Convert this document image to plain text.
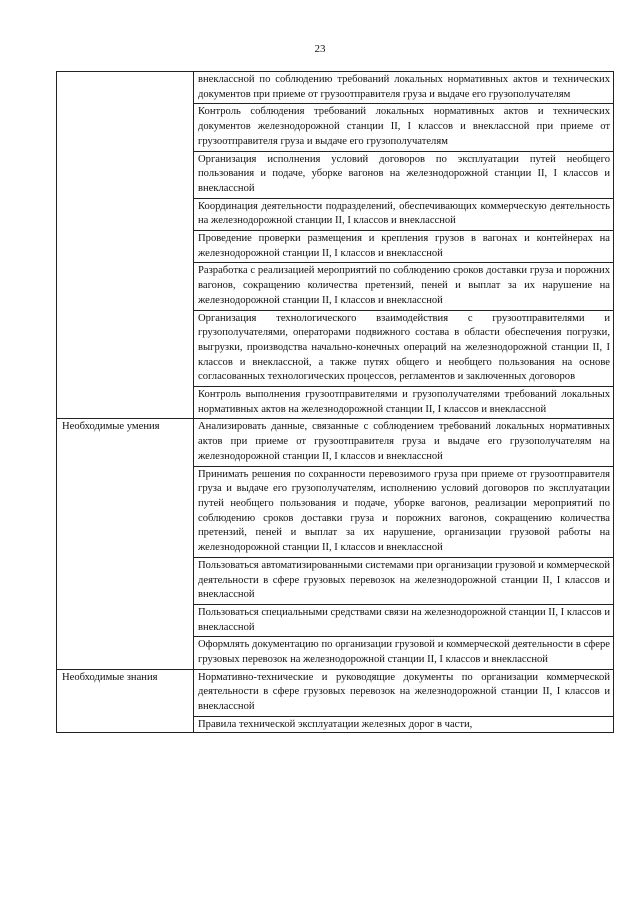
23
	внеклассной по соблюдению требований локальных нормативных актов и технических документов при приеме от грузоотправителя груза и выдаче его грузополучателям
	Контроль соблюдения требований локальных нормативных актов и технических документов железнодорожной станции II, I классов и внеклассной при приеме от грузоотправителя груза и выдаче его грузополучателям
	Организация исполнения условий договоров по эксплуатации путей необщего пользования и подаче, уборке вагонов на железнодорожной станции II, I классов и внеклассной
	Координация деятельности подразделений, обеспечивающих коммерческую деятельность на железнодорожной станции II, I классов и внеклассной
	Проведение проверки размещения и крепления грузов в вагонах и контейнерах на железнодорожной станции II, I классов и внеклассной
	Разработка с реализацией мероприятий по соблюдению сроков доставки груза и порожних вагонов, сокращению количества претензий, пеней и выплат за их нарушение на железнодорожной станции II, I классов и внеклассной
	Организация технологического взаимодействия с грузоотправителями и грузополучателями, операторами подвижного состава в области обеспечения погрузки, выгрузки, производства начально-конечных операций на железнодорожной станции II, I классов и внеклассной, а также путях общего и необщего пользования на основе согласованных технологических процессов, регламентов и заключенных договоров
	Контроль выполнения грузоотправителями и грузополучателями требований локальных нормативных актов на железнодорожной станции II, I классов и внеклассной
Необходимые умения	Анализировать данные, связанные с соблюдением требований локальных нормативных актов при приеме от грузоотправителя груза и выдаче его грузополучателям на железнодорожной станции II, I классов и внеклассной
	Принимать решения по сохранности перевозимого груза при приеме от грузоотправителя груза и выдаче его грузополучателям, исполнению условий договоров по эксплуатации путей необщего пользования и подаче, уборке вагонов, реализации мероприятий по соблюдению сроков доставки груза и порожних вагонов, сокращению количества претензий, пеней и выплат за их нарушение, организации грузовой работы на железнодорожной станции II, I классов и внеклассной
	Пользоваться автоматизированными системами при организации грузовой и коммерческой деятельности в сфере грузовых перевозок на железнодорожной станции II, I классов и внеклассной
	Пользоваться специальными средствами связи на железнодорожной станции II, I классов и внеклассной
	Оформлять документацию по организации грузовой и коммерческой деятельности в сфере грузовых перевозок на железнодорожной станции II, I классов и внеклассной
Необходимые знания	Нормативно-технические и руководящие документы по организации коммерческой деятельности в сфере грузовых перевозок на железнодорожной станции II, I классов и внеклассной

	Правила технической эксплуатации железных дорог в части,
